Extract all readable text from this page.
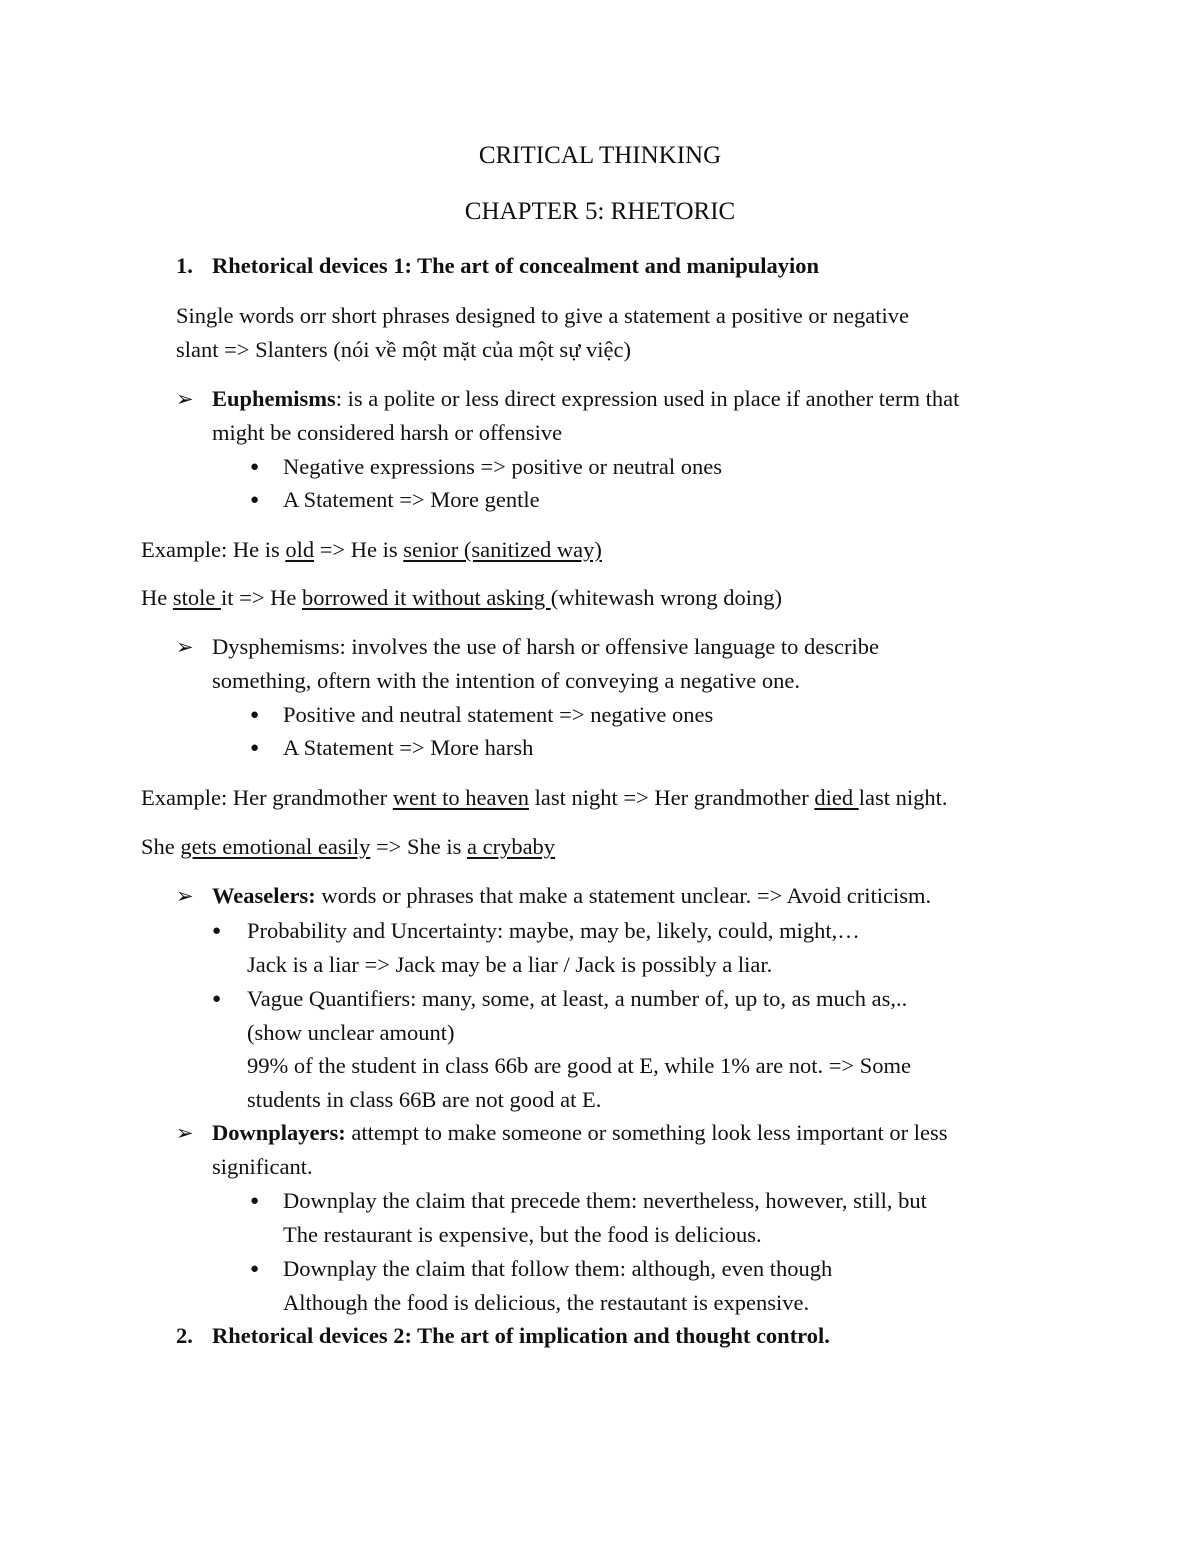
CRITICAL THINKING
CHAPTER 5: RHETORIC
1. Rhetorical devices 1: The art of concealment and manipulayion
Single words orr short phrases designed to give a statement a positive or negative
slant => Slanters (nói về một mặt của một sự việc)
➢ Euphemisms: is a polite or less direct expression used in place if another term that
might be considered harsh or offensive
● Negative expressions => positive or neutral ones
● A Statement => More gentle
Example: He is old => He is senior (sanitized way)
He stole it => He borrowed it without asking (whitewash wrong doing)
➢ Dysphemisms: involves the use of harsh or offensive language to describe
something, oftern with the intention of conveying a negative one.
● Positive and neutral statement => negative ones
● A Statement => More harsh
Example: Her grandmother went to heaven last night => Her grandmother died last night.
She gets emotional easily => She is a crybaby
➢ Weaselers: words or phrases that make a statement unclear. => Avoid criticism.
● Probability and Uncertainty: maybe, may be, likely, could, might,…
Jack is a liar => Jack may be a liar / Jack is possibly a liar.
● Vague Quantifiers: many, some, at least, a number of, up to, as much as,..
(show unclear amount)
99% of the student in class 66b are good at E, while 1% are not. => Some
students in class 66B are not good at E.
➢ Downplayers: attempt to make someone or something look less important or less
significant.
● Downplay the claim that precede them: nevertheless, however, still, but
The restaurant is expensive, but the food is delicious.
● Downplay the claim that follow them: although, even though
Although the food is delicious, the restautant is expensive.
2. Rhetorical devices 2: The art of implication and thought control.
